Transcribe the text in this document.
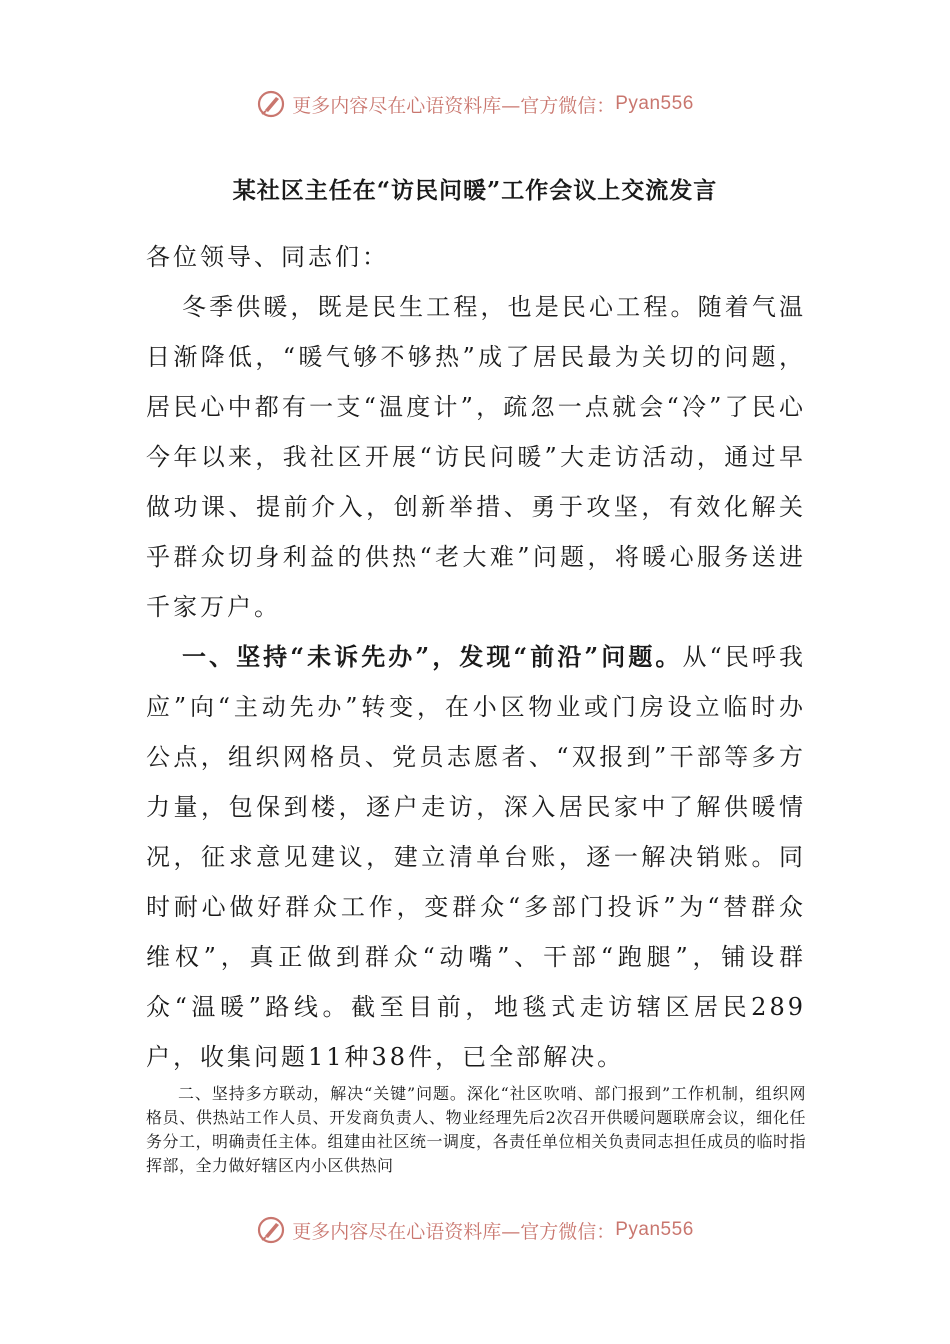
更多内容尽在心语资料库—官方微信： Pyan556
某社区主任在“访民问暖”工作会议上交流发言
各位领导、同志们：
冬季供暖，既是民生工程，也是民心工程。随着气温日渐降低，“暖气够不够热”成了居民最为关切的问题，居民心中都有一支“温度计”，疏忽一点就会“冷”了民心今年以来，我社区开展“访民问暖”大走访活动，通过早做功课、提前介入，创新举措、勇于攻坚，有效化解关乎群众切身利益的供热“老大难”问题，将暖心服务送进千家万户。
一、坚持“未诉先办”，发现“前沿”问题。从“民呼我应”向“主动先办”转变，在小区物业或门房设立临时办公点，组织网格员、党员志愿者、“双报到”干部等多方力量，包保到楼，逐户走访，深入居民家中了解供暖情况，征求意见建议，建立清单台账，逐一解决销账。同时耐心做好群众工作，变群众“多部门投诉”为“替群众维权”，真正做到群众“动嘴”、干部“跑腿”，铺设群众“温暖”路线。截至目前，地毯式走访辖区居民289户，收集问题11种38件，已全部解决。
二、坚持多方联动，解决“关键”问题。深化“社区吹哨、部门报到”工作机制，组织网格员、供热站工作人员、开发商负责人、物业经理先后2次召开供暖问题联席会议，细化任务分工，明确责任主体。组建由社区统一调度，各责任单位相关负责同志担任成员的临时指挥部，全力做好辖区内小区供热问
更多内容尽在心语资料库—官方微信： Pyan556
